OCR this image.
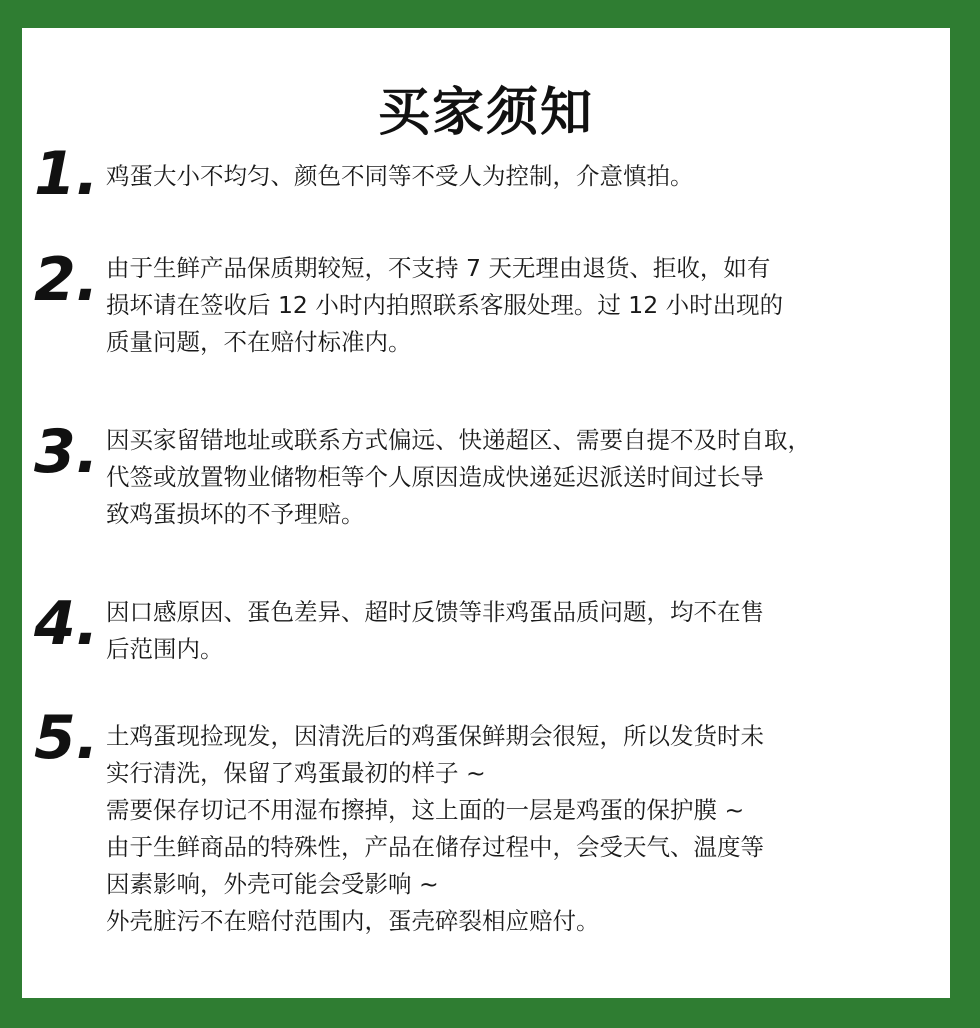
买家须知
1. 鸡蛋大小不均匀、颜色不同等不受人为控制，介意慎拍。
2. 由于生鲜产品保质期较短，不支持 7 天无理由退货、拒收，如有
损坏请在签收后 12 小时内拍照联系客服处理。过 12 小时出现的
质量问题，不在赔付标准内。
3. 因买家留错地址或联系方式偏远、快递超区、需要自提不及时自取，
代签或放置物业储物柜等个人原因造成快递延迟派送时间过长导
致鸡蛋损坏的不予理赔。
4. 因口感原因、蛋色差异、超时反馈等非鸡蛋品质问题，均不在售
后范围内。
5. 土鸡蛋现捡现发，因清洗后的鸡蛋保鲜期会很短，所以发货时未
实行清洗，保留了鸡蛋最初的样子 ~
需要保存切记不用湿布擦掉，这上面的一层是鸡蛋的保护膜 ~
由于生鲜商品的特殊性，产品在储存过程中，会受天气、温度等
因素影响，外壳可能会受影响 ~
外壳脏污不在赔付范围内，蛋壳碎裂相应赔付。
